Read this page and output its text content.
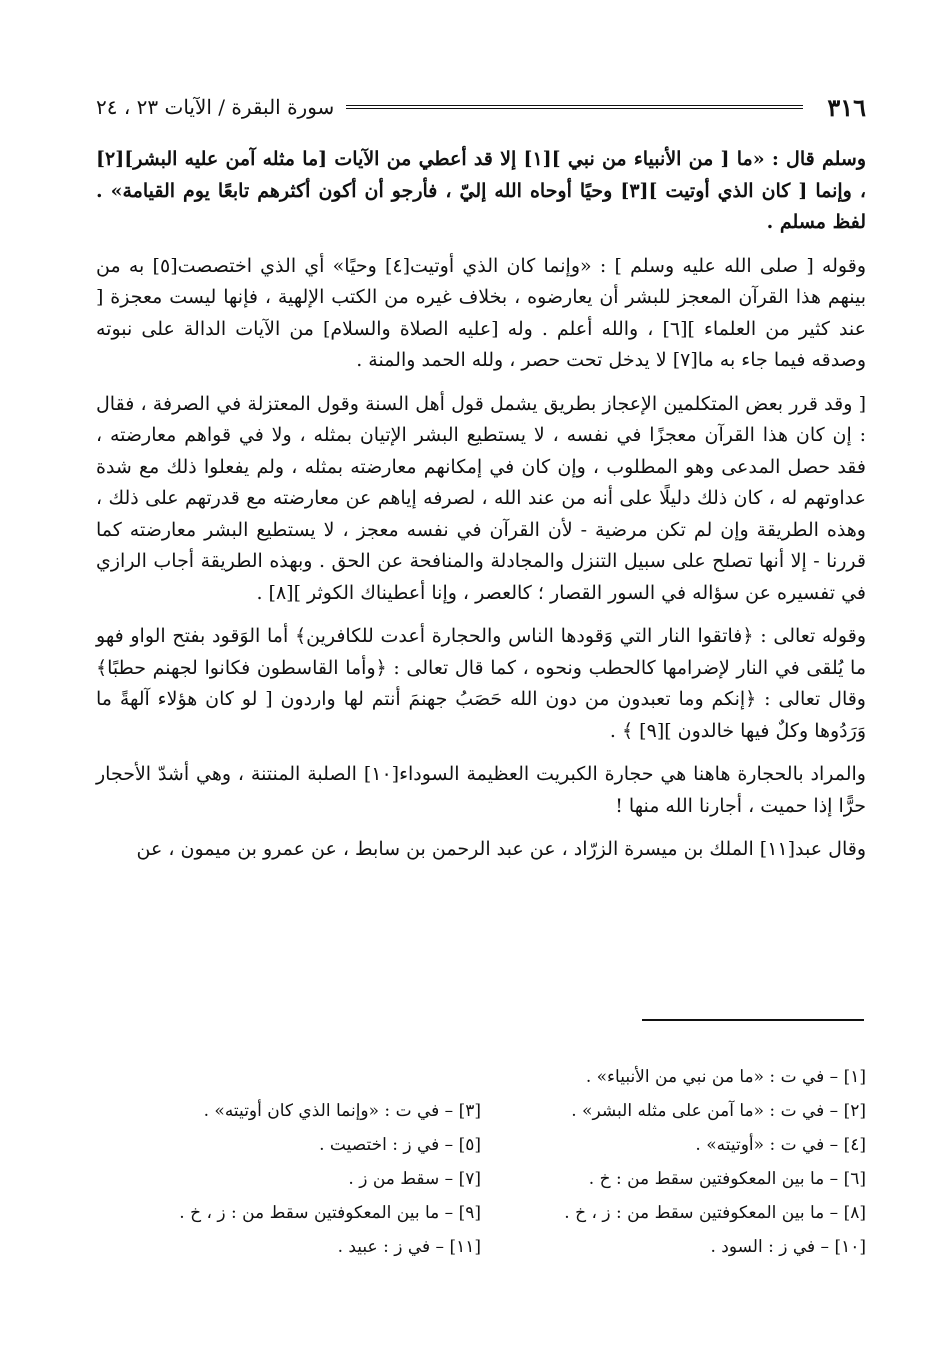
٣١٦
سورة البقرة / الآيات ٢٣ ، ٢٤

وسلم قال : «ما [ من الأنبياء من نبي ][١] إلا قد أعطي من الآيات [ما مثله آمن عليه البشر][٢] ، وإنما [ كان الذي أوتيت ][٣] وحيًا أوحاه الله إليّ ، فأرجو أن أكون أكثرهم تابعًا يوم القيامة» . لفظ مسلم .

وقوله [ صلى الله عليه وسلم ] : «وإنما كان الذي أوتيت[٤] وحيًا» أي الذي اختصصت[٥] به من بينهم هذا القرآن المعجز للبشر أن يعارضوه ، بخلاف غيره من الكتب الإلهية ، فإنها ليست معجزة [ عند كثير من العلماء ][٦] ، والله أعلم . وله [عليه الصلاة والسلام] من الآيات الدالة على نبوته وصدقه فيما جاء به ما[٧] لا يدخل تحت حصر ، ولله الحمد والمنة .

[ وقد قرر بعض المتكلمين الإعجاز بطريق يشمل قول أهل السنة وقول المعتزلة في الصرفة ، فقال : إن كان هذا القرآن معجزًا في نفسه ، لا يستطيع البشر الإتيان بمثله ، ولا في قواهم معارضته ، فقد حصل المدعى وهو المطلوب ، وإن كان في إمكانهم معارضته بمثله ، ولم يفعلوا ذلك مع شدة عداوتهم له ، كان ذلك دليلًا على أنه من عند الله ، لصرفه إياهم عن معارضته مع قدرتهم على ذلك ، وهذه الطريقة وإن لم تكن مرضية - لأن القرآن في نفسه معجز ، لا يستطيع البشر معارضته كما قررنا - إلا أنها تصلح على سبيل التنزل والمجادلة والمنافحة عن الحق . وبهذه الطريقة أجاب الرازي في تفسيره عن سؤاله في السور القصار ؛ كالعصر ، وإنا أعطيناك الكوثر ][٨] .

وقوله تعالى : ﴿فاتقوا النار التي وَقودها الناس والحجارة أعدت للكافرين﴾ أما الوَقود بفتح الواو فهو ما يُلقى في النار لإضرامها كالحطب ونحوه ، كما قال تعالى : ﴿وأما القاسطون فكانوا لجهنم حطبًا﴾ وقال تعالى : ﴿إنكم وما تعبدون من دون الله حَصَبُ جهنمَ أنتم لها واردون [ لو كان هؤلاء آلهةً ما وَرَدُوها وكلٌ فيها خالدون ][٩] ﴾ .

والمراد بالحجارة هاهنا هي حجارة الكبريت العظيمة السوداء[١٠] الصلبة المنتنة ، وهي أشدّ الأحجار حرًّا إذا حميت ، أجارنا الله منها !

وقال عبد[١١] الملك بن ميسرة الزرّاد ، عن عبد الرحمن بن سابط ، عن عمرو بن ميمون ، عن

[١] – في ت : «ما من نبي من الأنبياء» .
[٢] – في ت : «ما آمن على مثله البشر» .
[٣] – في ت : «وإنما الذي كان أوتيته» .
[٤] – في ت : «أوتيته» .
[٥] – في ز : اختصيت .
[٦] – ما بين المعكوفتين سقط من : خ .
[٧] – سقط من ز .
[٨] – ما بين المعكوفتين سقط من : ز ، خ .
[٩] – ما بين المعكوفتين سقط من : ز ، خ .
[١٠] – في ز : السود .
[١١] – في ز : عبيد .
